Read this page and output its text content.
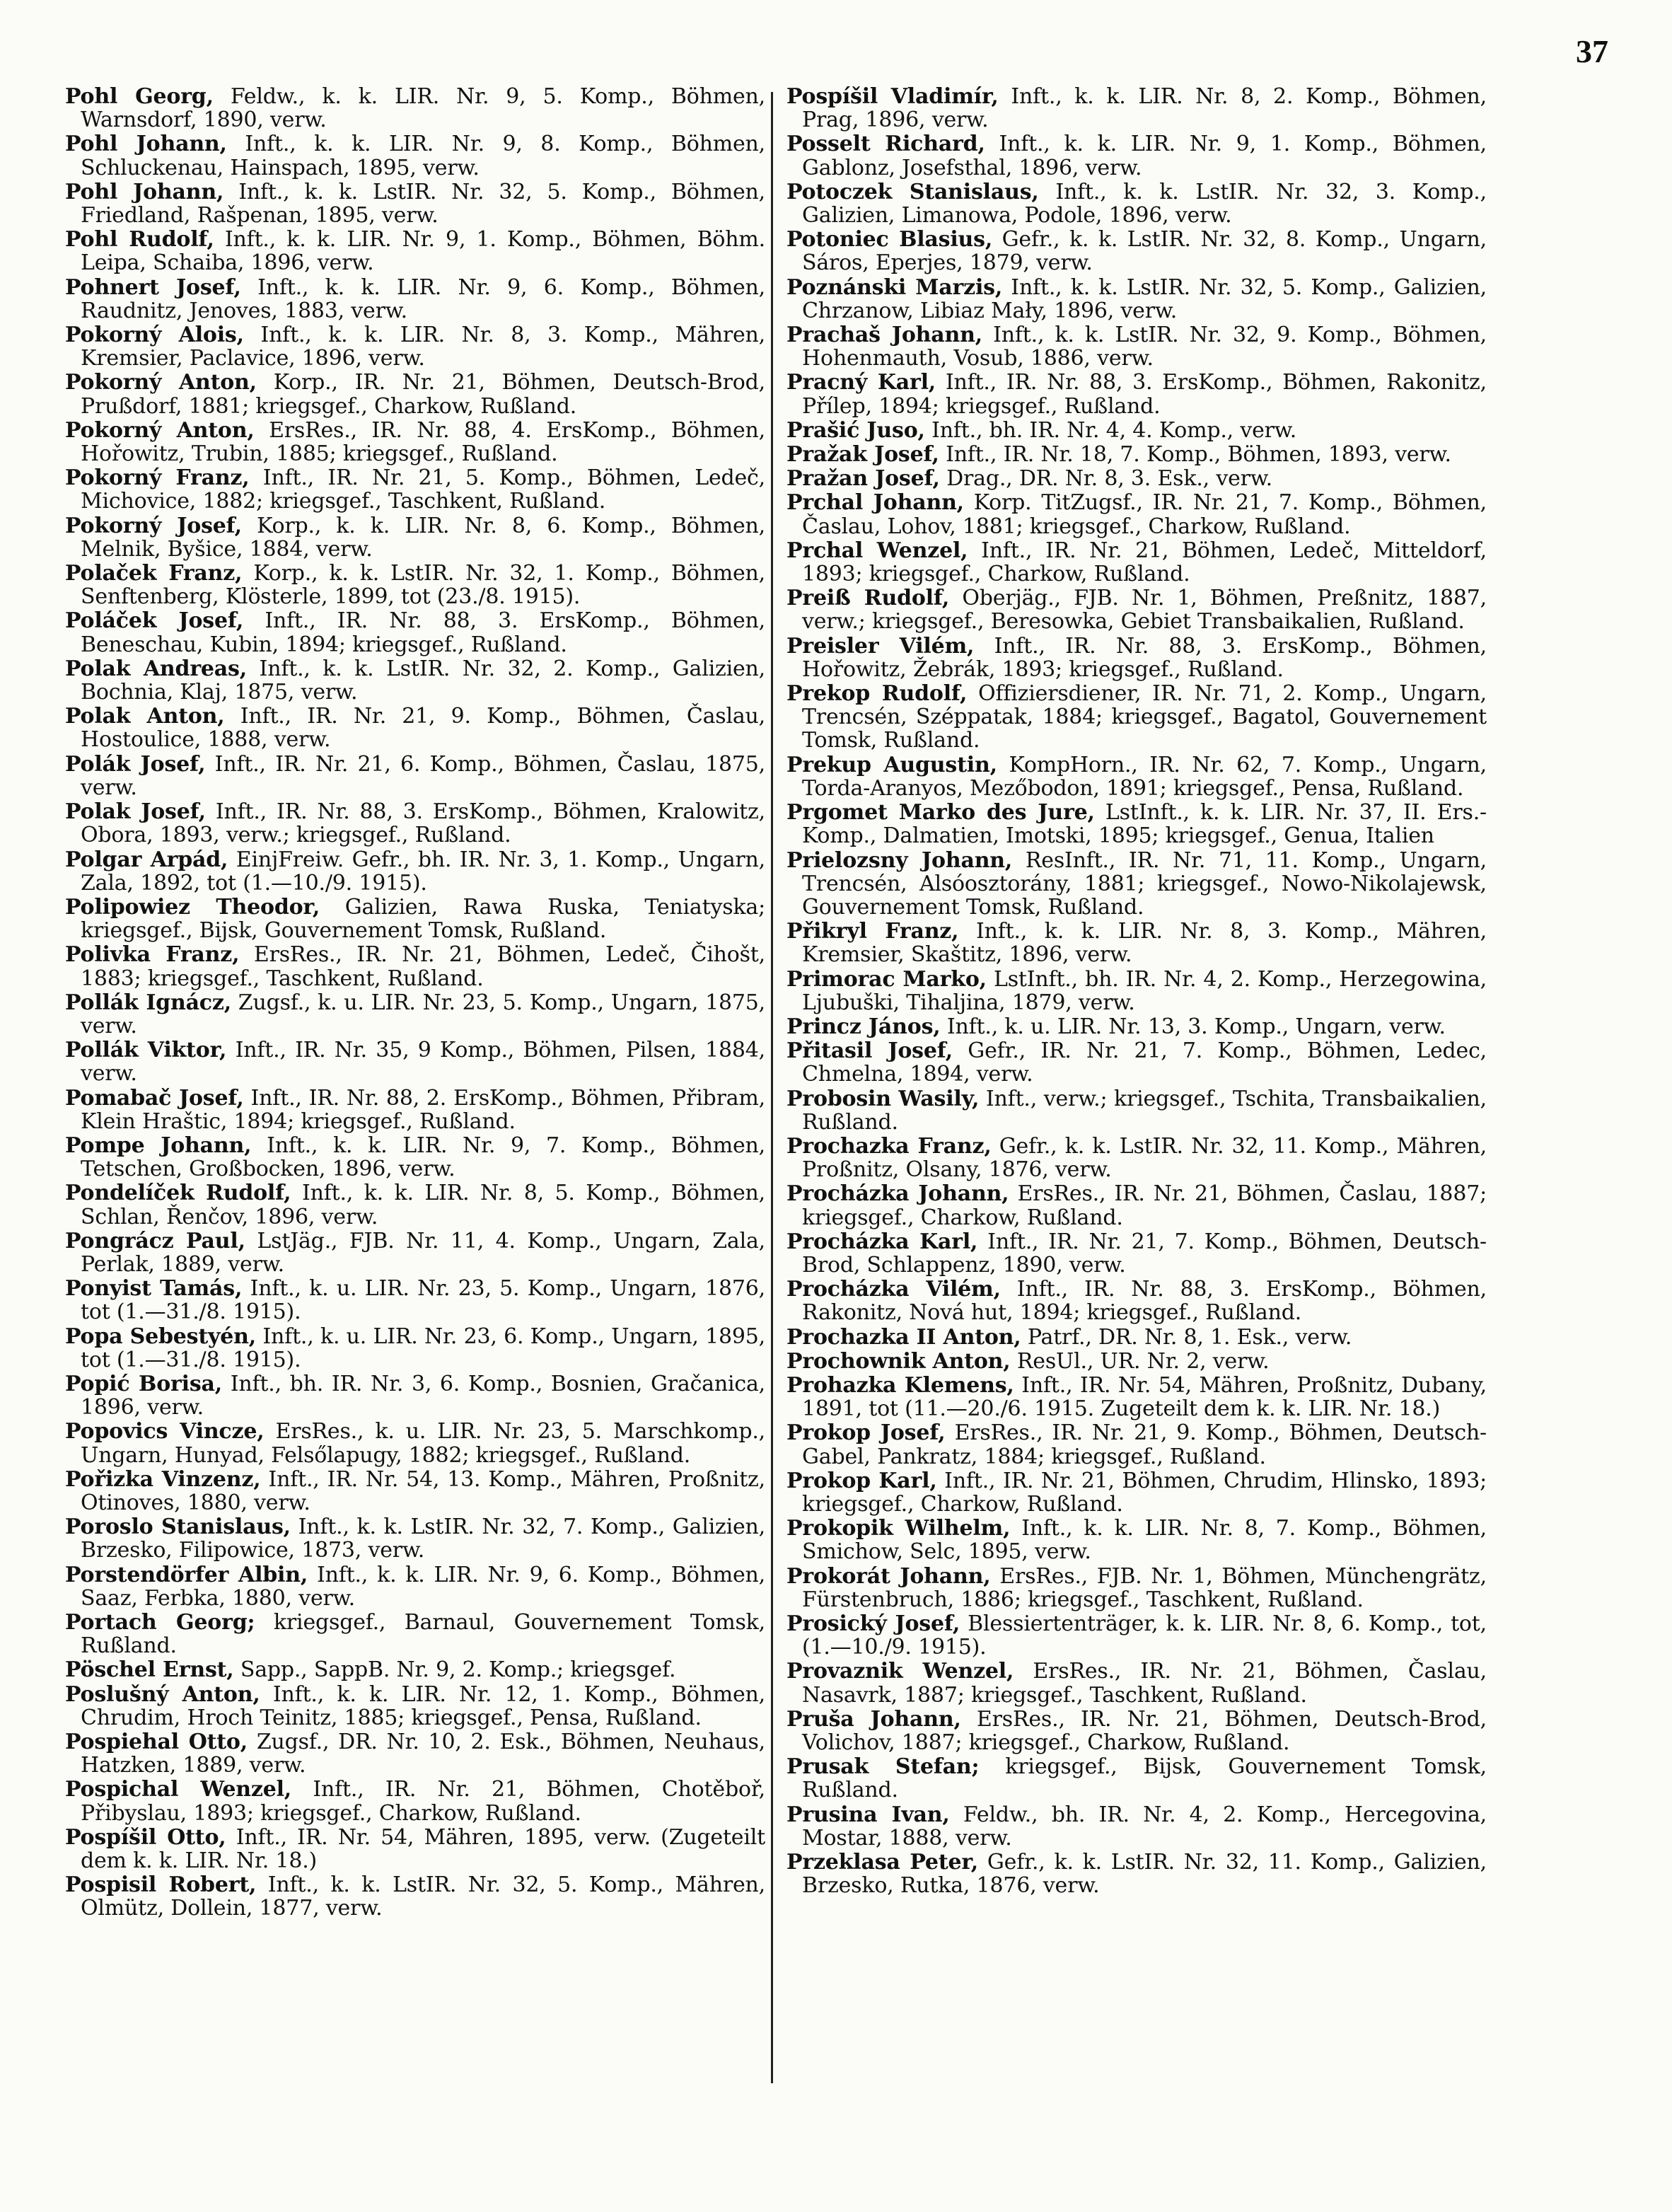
37

Pohl Georg, Feldw., k. k. LIR. Nr. 9, 5. Komp., Böhmen, Warnsdorf, 1890, verw.

Pohl Johann, Inft., k. k. LIR. Nr. 9, 8. Komp., Böhmen, Schluckenau, Hainspach, 1895, verw.

Pohl Johann, Inft., k. k. LstIR. Nr. 32, 5. Komp., Böhmen, Friedland, Rašpenan, 1895, verw.

Pohl Rudolf, Inft., k. k. LIR. Nr. 9, 1. Komp., Böhmen, Böhm. Leipa, Schaiba, 1896, verw.

Pohnert Josef, Inft., k. k. LIR. Nr. 9, 6. Komp., Böhmen, Raudnitz, Jenoves, 1883, verw.

Pokorný Alois, Inft., k. k. LIR. Nr. 8, 3. Komp., Mähren, Kremsier, Paclavice, 1896, verw.

Pokorný Anton, Korp., IR. Nr. 21, Böhmen, Deutsch-Brod, Prußdorf, 1881; kriegsgef., Charkow, Rußland.

Pokorný Anton, ErsRes., IR. Nr. 88, 4. ErsKomp., Böhmen, Hořowitz, Trubin, 1885; kriegsgef., Rußland.

Pokorný Franz, Inft., IR. Nr. 21, 5. Komp., Böhmen, Ledeč, Michovice, 1882; kriegsgef., Taschkent, Rußland.

Pokorný Josef, Korp., k. k. LIR. Nr. 8, 6. Komp., Böhmen, Melnik, Byšice, 1884, verw.

Polaček Franz, Korp., k. k. LstIR. Nr. 32, 1. Komp., Böhmen, Senftenberg, Klösterle, 1899, tot (23./8. 1915).

Poláček Josef, Inft., IR. Nr. 88, 3. ErsKomp., Böhmen, Beneschau, Kubin, 1894; kriegsgef., Rußland.

Polak Andreas, Inft., k. k. LstIR. Nr. 32, 2. Komp., Galizien, Bochnia, Klaj, 1875, verw.

Polak Anton, Inft., IR. Nr. 21, 9. Komp., Böhmen, Časlau, Hostoulice, 1888, verw.

Polák Josef, Inft., IR. Nr. 21, 6. Komp., Böhmen, Časlau, 1875, verw.

Polak Josef, Inft., IR. Nr. 88, 3. ErsKomp., Böhmen, Kralowitz, Obora, 1893, verw.; kriegsgef., Rußland.

Polgar Arpád, EinjFreiw. Gefr., bh. IR. Nr. 3, 1. Komp., Ungarn, Zala, 1892, tot (1.—10./9. 1915).

Polipowiez Theodor, Galizien, Rawa Ruska, Teniatyska; kriegsgef., Bijsk, Gouvernement Tomsk, Rußland.

Polivka Franz, ErsRes., IR. Nr. 21, Böhmen, Ledeč, Čihošt, 1883; kriegsgef., Taschkent, Rußland.

Pollák Ignácz, Zugsf., k. u. LIR. Nr. 23, 5. Komp., Ungarn, 1875, verw.

Pollák Viktor, Inft., IR. Nr. 35, 9 Komp., Böhmen, Pilsen, 1884, verw.

Pomabač Josef, Inft., IR. Nr. 88, 2. ErsKomp., Böhmen, Přibram, Klein Hraštic, 1894; kriegsgef., Rußland.

Pompe Johann, Inft., k. k. LIR. Nr. 9, 7. Komp., Böhmen, Tetschen, Großbocken, 1896, verw.

Pondelíček Rudolf, Inft., k. k. LIR. Nr. 8, 5. Komp., Böhmen, Schlan, Řenčov, 1896, verw.

Pongrácz Paul, LstJäg., FJB. Nr. 11, 4. Komp., Ungarn, Zala, Perlak, 1889, verw.

Ponyist Tamás, Inft., k. u. LIR. Nr. 23, 5. Komp., Ungarn, 1876, tot (1.—31./8. 1915).

Popa Sebestyén, Inft., k. u. LIR. Nr. 23, 6. Komp., Ungarn, 1895, tot (1.—31./8. 1915).

Popić Borisa, Inft., bh. IR. Nr. 3, 6. Komp., Bosnien, Gračanica, 1896, verw.

Popovics Vincze, ErsRes., k. u. LIR. Nr. 23, 5. Marschkomp., Ungarn, Hunyad, Felsőlapugy, 1882; kriegsgef., Rußland.

Pořizka Vinzenz, Inft., IR. Nr. 54, 13. Komp., Mähren, Proßnitz, Otinoves, 1880, verw.

Poroslo Stanislaus, Inft., k. k. LstIR. Nr. 32, 7. Komp., Galizien, Brzesko, Filipowice, 1873, verw.

Porstendörfer Albin, Inft., k. k. LIR. Nr. 9, 6. Komp., Böhmen, Saaz, Ferbka, 1880, verw.

Portach Georg; kriegsgef., Barnaul, Gouvernement Tomsk, Rußland.

Pöschel Ernst, Sapp., SappB. Nr. 9, 2. Komp.; kriegsgef.

Poslušný Anton, Inft., k. k. LIR. Nr. 12, 1. Komp., Böhmen, Chrudim, Hroch Teinitz, 1885; kriegsgef., Pensa, Rußland.

Pospiehal Otto, Zugsf., DR. Nr. 10, 2. Esk., Böhmen, Neuhaus, Hatzken, 1889, verw.

Pospichal Wenzel, Inft., IR. Nr. 21, Böhmen, Chotěboř, Přibyslau, 1893; kriegsgef., Charkow, Rußland.

Pospíšil Otto, Inft., IR. Nr. 54, Mähren, 1895, verw. (Zugeteilt dem k. k. LIR. Nr. 18.)

Pospisil Robert, Inft., k. k. LstIR. Nr. 32, 5. Komp., Mähren, Olmütz, Dollein, 1877, verw.

Pospíšil Vladimír, Inft., k. k. LIR. Nr. 8, 2. Komp., Böhmen, Prag, 1896, verw.

Posselt Richard, Inft., k. k. LIR. Nr. 9, 1. Komp., Böhmen, Gablonz, Josefsthal, 1896, verw.

Potoczek Stanislaus, Inft., k. k. LstIR. Nr. 32, 3. Komp., Galizien, Limanowa, Podole, 1896, verw.

Potoniec Blasius, Gefr., k. k. LstIR. Nr. 32, 8. Komp., Ungarn, Sáros, Eperjes, 1879, verw.

Poznánski Marzis, Inft., k. k. LstIR. Nr. 32, 5. Komp., Galizien, Chrzanow, Libiaz Mały, 1896, verw.

Prachaš Johann, Inft., k. k. LstIR. Nr. 32, 9. Komp., Böhmen, Hohenmauth, Vosub, 1886, verw.

Pracný Karl, Inft., IR. Nr. 88, 3. ErsKomp., Böhmen, Rakonitz, Přílep, 1894; kriegsgef., Rußland.

Prašić Juso, Inft., bh. IR. Nr. 4, 4. Komp., verw.

Pražak Josef, Inft., IR. Nr. 18, 7. Komp., Böhmen, 1893, verw.

Pražan Josef, Drag., DR. Nr. 8, 3. Esk., verw.

Prchal Johann, Korp. TitZugsf., IR. Nr. 21, 7. Komp., Böhmen, Časlau, Lohov, 1881; kriegsgef., Charkow, Rußland.

Prchal Wenzel, Inft., IR. Nr. 21, Böhmen, Ledeč, Mitteldorf, 1893; kriegsgef., Charkow, Rußland.

Preiß Rudolf, Oberjäg., FJB. Nr. 1, Böhmen, Preßnitz, 1887, verw.; kriegsgef., Beresowka, Gebiet Transbaikalien, Rußland.

Preisler Vilém, Inft., IR. Nr. 88, 3. ErsKomp., Böhmen, Hořowitz, Žebrák, 1893; kriegsgef., Rußland.

Prekop Rudolf, Offiziersdiener, IR. Nr. 71, 2. Komp., Ungarn, Trencsén, Széppatak, 1884; kriegsgef., Bagatol, Gouvernement Tomsk, Rußland.

Prekup Augustin, KompHorn., IR. Nr. 62, 7. Komp., Ungarn, Torda-Aranyos, Mezőbodon, 1891; kriegsgef., Pensa, Rußland.

Prgomet Marko des Jure, LstInft., k. k. LIR. Nr. 37, II. Ers.-Komp., Dalmatien, Imotski, 1895; kriegsgef., Genua, Italien

Prielozsny Johann, ResInft., IR. Nr. 71, 11. Komp., Ungarn, Trencsén, Alsóosztorány, 1881; kriegsgef., Nowo-Nikolajewsk, Gouvernement Tomsk, Rußland.

Přikryl Franz, Inft., k. k. LIR. Nr. 8, 3. Komp., Mähren, Kremsier, Skaštitz, 1896, verw.

Primorac Marko, LstInft., bh. IR. Nr. 4, 2. Komp., Herzegowina, Ljubuški, Tihaljina, 1879, verw.

Princz János, Inft., k. u. LIR. Nr. 13, 3. Komp., Ungarn, verw.

Přitasil Josef, Gefr., IR. Nr. 21, 7. Komp., Böhmen, Ledec, Chmelna, 1894, verw.

Probosin Wasily, Inft., verw.; kriegsgef., Tschita, Transbaikalien, Rußland.

Prochazka Franz, Gefr., k. k. LstIR. Nr. 32, 11. Komp., Mähren, Proßnitz, Olsany, 1876, verw.

Procházka Johann, ErsRes., IR. Nr. 21, Böhmen, Časlau, 1887; kriegsgef., Charkow, Rußland.

Procházka Karl, Inft., IR. Nr. 21, 7. Komp., Böhmen, Deutsch-Brod, Schlappenz, 1890, verw.

Procházka Vilém, Inft., IR. Nr. 88, 3. ErsKomp., Böhmen, Rakonitz, Nová hut, 1894; kriegsgef., Rußland.

Prochazka II Anton, Patrf., DR. Nr. 8, 1. Esk., verw.

Prochownik Anton, ResUl., UR. Nr. 2, verw.

Prohazka Klemens, Inft., IR. Nr. 54, Mähren, Proßnitz, Dubany, 1891, tot (11.—20./6. 1915. Zugeteilt dem k. k. LIR. Nr. 18.)

Prokop Josef, ErsRes., IR. Nr. 21, 9. Komp., Böhmen, Deutsch-Gabel, Pankratz, 1884; kriegsgef., Rußland.

Prokop Karl, Inft., IR. Nr. 21, Böhmen, Chrudim, Hlinsko, 1893; kriegsgef., Charkow, Rußland.

Prokopik Wilhelm, Inft., k. k. LIR. Nr. 8, 7. Komp., Böhmen, Smichow, Selc, 1895, verw.

Prokorát Johann, ErsRes., FJB. Nr. 1, Böhmen, Münchengrätz, Fürstenbruch, 1886; kriegsgef., Taschkent, Rußland.

Prosický Josef, Blessiertenträger, k. k. LIR. Nr. 8, 6. Komp., tot, (1.—10./9. 1915).

Provaznik Wenzel, ErsRes., IR. Nr. 21, Böhmen, Časlau, Nasavrk, 1887; kriegsgef., Taschkent, Rußland.

Pruša Johann, ErsRes., IR. Nr. 21, Böhmen, Deutsch-Brod, Volichov, 1887; kriegsgef., Charkow, Rußland.

Prusak Stefan; kriegsgef., Bijsk, Gouvernement Tomsk, Rußland.

Prusina Ivan, Feldw., bh. IR. Nr. 4, 2. Komp., Hercegovina, Mostar, 1888, verw.

Przeklasa Peter, Gefr., k. k. LstIR. Nr. 32, 11. Komp., Galizien, Brzesko, Rutka, 1876, verw.
